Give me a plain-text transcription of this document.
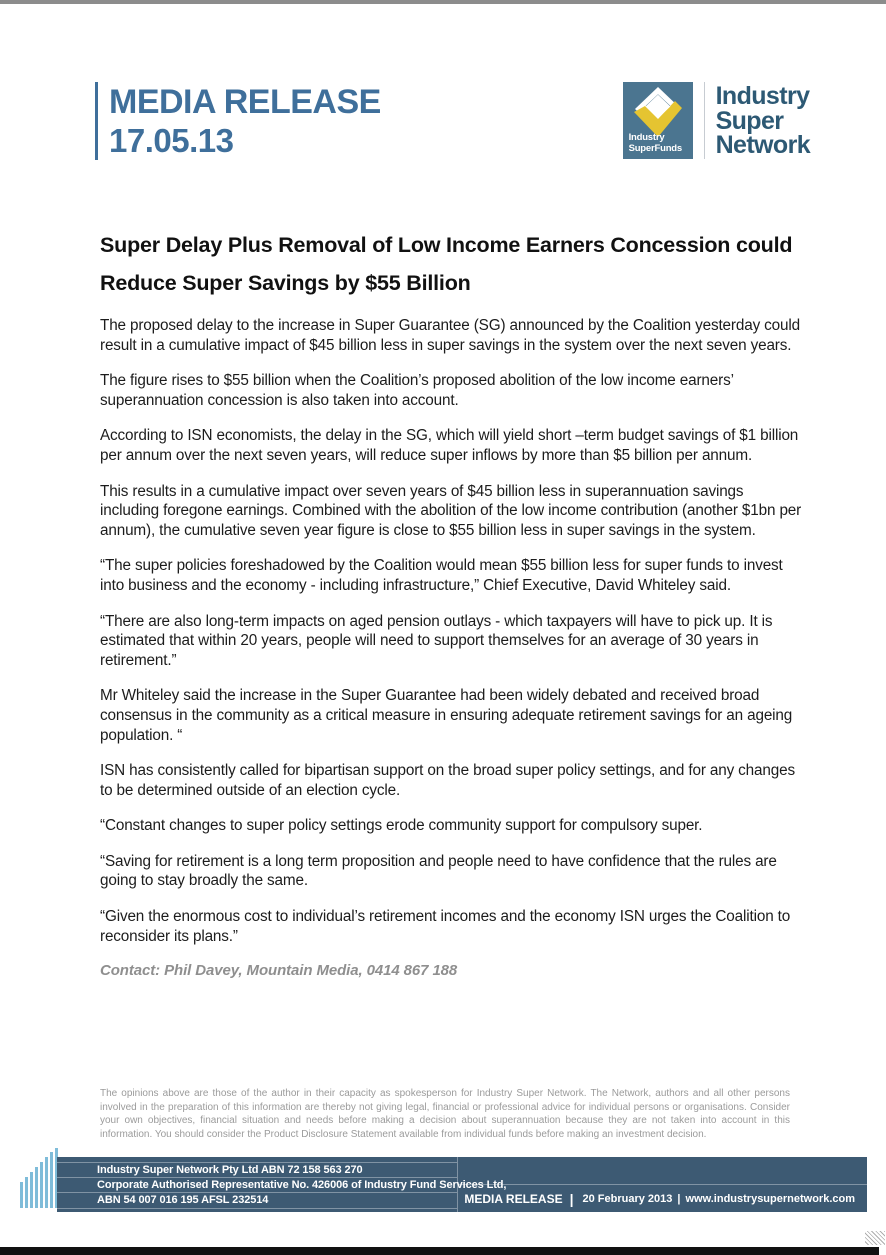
MEDIA RELEASE
17.05.13	Industry
SuperFunds
Industry
Super
Network
Super Delay Plus Removal of Low Income Earners Concession could Reduce Super Savings by $55 Billion

The proposed delay to the increase in Super Guarantee (SG) announced by the Coalition yesterday could result in a cumulative impact of $45 billion less in super savings in the system over the next seven years.

The figure rises to $55 billion when the Coalition’s proposed abolition of the low income earners’ superannuation concession is also taken into account.

According to ISN economists, the delay in the SG, which will yield short –term budget savings of $1 billion per annum over the next seven years, will reduce super inflows by more than $5 billion per annum.

This results in a cumulative impact over seven years of $45 billion less in superannuation savings including foregone earnings. Combined with the abolition of the low income contribution (another $1bn per annum), the cumulative seven year figure is close to $55 billion less in super savings in the system.

“The super policies foreshadowed by the Coalition would mean $55 billion less for super funds to invest into business and the economy - including infrastructure,” Chief Executive, David Whiteley said.

“There are also long-term impacts on aged pension outlays - which taxpayers will have to pick up. It is estimated that within 20 years, people will need to support themselves for an average of 30 years in retirement.”

Mr Whiteley said the increase in the Super Guarantee had been widely debated and received broad consensus in the community as a critical measure in ensuring adequate retirement savings for an ageing population. “

ISN has consistently called for bipartisan support on the broad super policy settings, and for any changes to be determined outside of an election cycle.

“Constant changes to super policy settings erode community support for compulsory super.

“Saving for retirement is a long term proposition and people need to have confidence that the rules are going to stay broadly the same.

“Given the enormous cost to individual’s retirement incomes and the economy ISN urges the Coalition to reconsider its plans.”

Contact: Phil Davey, Mountain Media, 0414 867 188
The opinions above are those of the author in their capacity as spokesperson for Industry Super Network. The Network, authors and all other persons involved in the preparation of this information are thereby not giving legal, financial or professional advice for individual persons or organisations. Consider your own objectives, financial situation and needs before making a decision about superannuation because they are not taken into account in this information. You should consider the Product Disclosure Statement available from individual funds before making an investment decision.
Industry Super Network Pty Ltd ABN 72 158 563 270
Corporate Authorised Representative No. 426006 of Industry Fund Services Ltd,
ABN 54 007 016 195 AFSL 232514	MEDIA RELEASE | 20 February 2013 | www.industrysupernetwork.com
